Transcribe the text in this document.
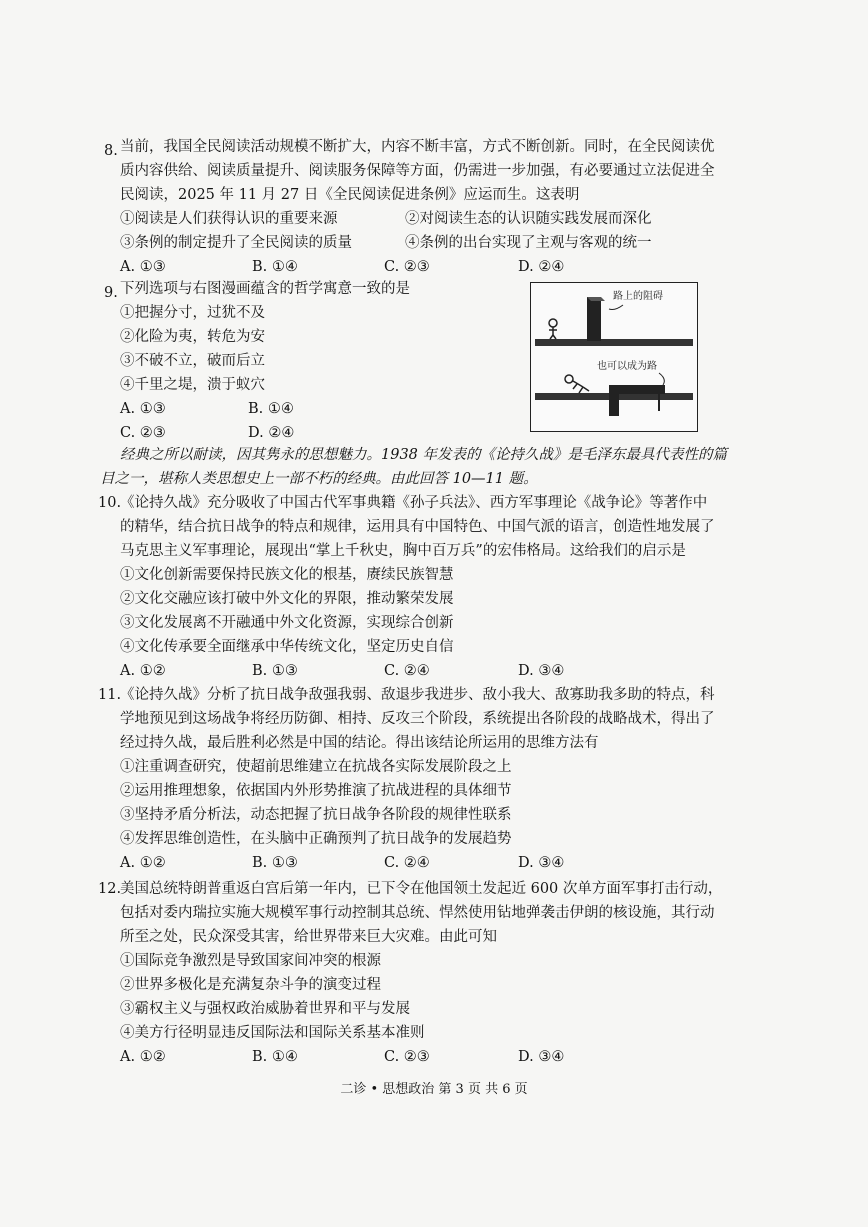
8. 当前，我国全民阅读活动规模不断扩大，内容不断丰富，方式不断创新。同时，在全民阅读优
质内容供给、阅读质量提升、阅读服务保障等方面，仍需进一步加强，有必要通过立法促进全
民阅读，2025 年 11 月 27 日《全民阅读促进条例》应运而生。这表明
①阅读是人们获得认识的重要来源	②对阅读生态的认识随实践发展而深化
③条例的制定提升了全民阅读的质量	④条例的出台实现了主观与客观的统一
A. ①③	B. ①④	C. ②③	D. ②④
9. 下列选项与右图漫画蕴含的哲学寓意一致的是
①把握分寸，过犹不及
②化险为夷，转危为安
③不破不立，破而后立
④千里之堤，溃于蚁穴
A. ①③	B. ①④
C. ②③	D. ②④
路上的阻碍
也可以成为路
经典之所以耐读，因其隽永的思想魅力。1938 年发表的《论持久战》是毛泽东最具代表性的篇
目之一，堪称人类思想史上一部不朽的经典。由此回答 10—11 题。
10.
《论持久战》充分吸收了中国古代军事典籍《孙子兵法》、西方军事理论《战争论》等著作中
的精华，结合抗日战争的特点和规律，运用具有中国特色、中国气派的语言，创造性地发展了
马克思主义军事理论，展现出“掌上千秋史，胸中百万兵”的宏伟格局。这给我们的启示是
①文化创新需要保持民族文化的根基，赓续民族智慧
②文化交融应该打破中外文化的界限，推动繁荣发展
③文化发展离不开融通中外文化资源，实现综合创新
④文化传承要全面继承中华传统文化，坚定历史自信
A. ①②	B. ①③	C. ②④	D. ③④
11.
《论持久战》分析了抗日战争敌强我弱、敌退步我进步、敌小我大、敌寡助我多助的特点，科
学地预见到这场战争将经历防御、相持、反攻三个阶段，系统提出各阶段的战略战术，得出了
经过持久战，最后胜利必然是中国的结论。得出该结论所运用的思维方法有
①注重调查研究，使超前思维建立在抗战各实际发展阶段之上
②运用推理想象，依据国内外形势推演了抗战进程的具体细节
③坚持矛盾分析法，动态把握了抗日战争各阶段的规律性联系
④发挥思维创造性，在头脑中正确预判了抗日战争的发展趋势
A. ①②	B. ①③	C. ②④	D. ③④
12.
美国总统特朗普重返白宫后第一年内，已下令在他国领土发起近 600 次单方面军事打击行动，
包括对委内瑞拉实施大规模军事行动控制其总统、悍然使用钻地弹袭击伊朗的核设施，其行动
所至之处，民众深受其害，给世界带来巨大灾难。由此可知
①国际竞争激烈是导致国家间冲突的根源
②世界多极化是充满复杂斗争的演变过程
③霸权主义与强权政治威胁着世界和平与发展
④美方行径明显违反国际法和国际关系基本准则
A. ①②	B. ①④	C. ②③	D. ③④
二诊 • 思想政治 第 3 页 共 6 页
